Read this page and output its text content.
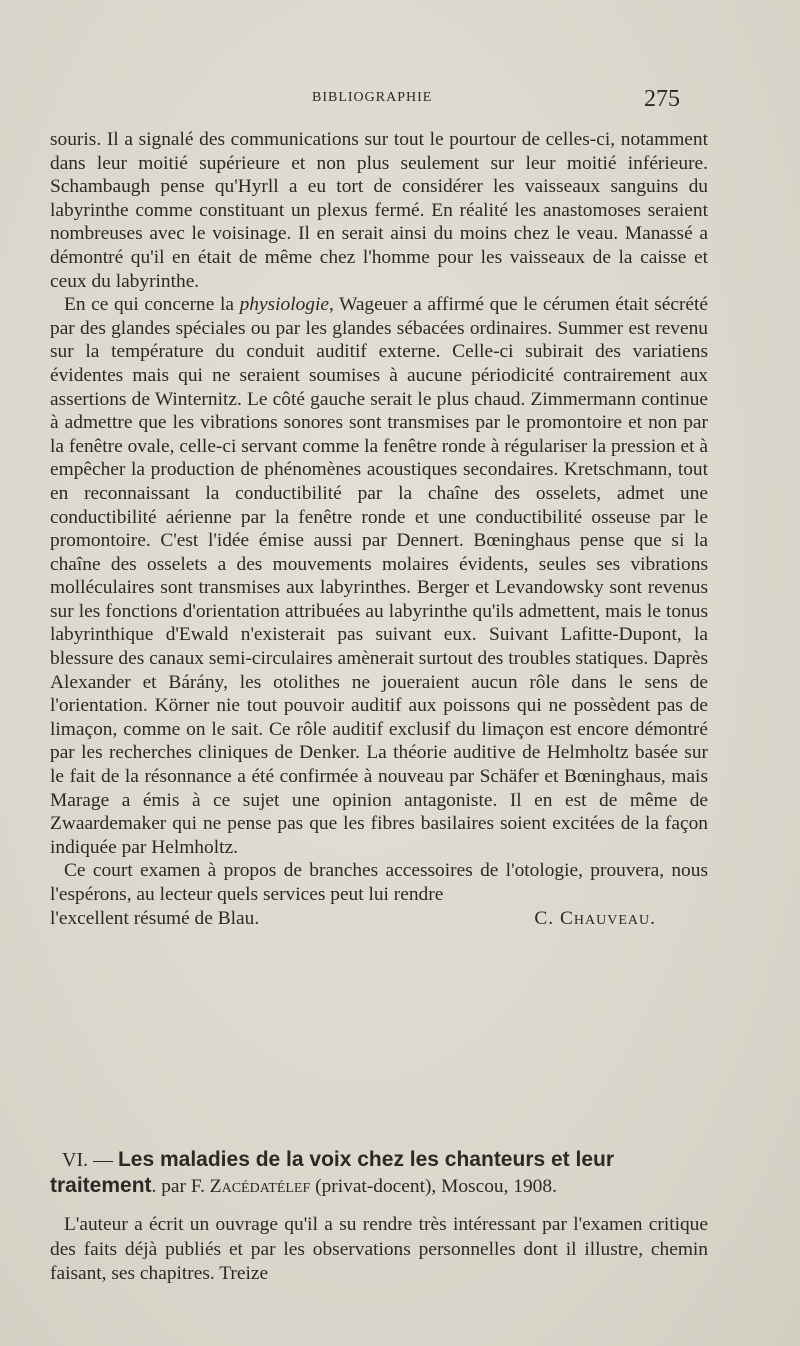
BIBLIOGRAPHIE	275

souris. Il a signalé des communications sur tout le pourtour de celles-ci, notamment dans leur moitié supérieure et non plus seulement sur leur moitié inférieure. Schambaugh pense qu'Hyrll a eu tort de considérer les vaisseaux sanguins du labyrinthe comme constituant un plexus fermé. En réalité les anastomoses seraient nombreuses avec le voisinage. Il en serait ainsi du moins chez le veau. Manassé a démontré qu'il en était de même chez l'homme pour les vaisseaux de la caisse et ceux du labyrinthe.

En ce qui concerne la physiologie, Wageuer a affirmé que le cérumen était sécrété par des glandes spéciales ou par les glandes sébacées ordinaires. Summer est revenu sur la température du conduit auditif externe. Celle-ci subirait des variatiens évidentes mais qui ne seraient soumises à aucune périodicité contrairement aux assertions de Winternitz. Le côté gauche serait le plus chaud. Zimmermann continue à admettre que les vibrations sonores sont transmises par le promontoire et non par la fenêtre ovale, celle-ci servant comme la fenêtre ronde à régulariser la pression et à empêcher la production de phénomènes acoustiques secondaires. Kretschmann, tout en reconnaissant la conductibilité par la chaîne des osselets, admet une conductibilité aérienne par la fenêtre ronde et une conductibilité osseuse par le promontoire. C'est l'idée émise aussi par Dennert. Bœninghaus pense que si la chaîne des osselets a des mouvements molaires évidents, seules ses vibrations molléculaires sont transmises aux labyrinthes. Berger et Levandowsky sont revenus sur les fonctions d'orientation attribuées au labyrinthe qu'ils admettent, mais le tonus labyrinthique d'Ewald n'existerait pas suivant eux. Suivant Lafitte-Dupont, la blessure des canaux semi-circulaires amènerait surtout des troubles statiques. Daprès Alexander et Bárány, les otolithes ne joueraient aucun rôle dans le sens de l'orientation. Körner nie tout pouvoir auditif aux poissons qui ne possèdent pas de limaçon, comme on le sait. Ce rôle auditif exclusif du limaçon est encore démontré par les recherches cliniques de Denker. La théorie auditive de Helmholtz basée sur le fait de la résonnance a été confirmée à nouveau par Schäfer et Bœninghaus, mais Marage a émis à ce sujet une opinion antagoniste. Il en est de même de Zwaardemaker qui ne pense pas que les fibres basilaires soient excitées de la façon indiquée par Helmholtz.

Ce court examen à propos de branches accessoires de l'otologie, prouvera, nous l'espérons, au lecteur quels services peut lui rendre

l'excellent résumé de Blau.	C. Chauveau.

VI. — Les maladies de la voix chez les chanteurs et leur traitement. par F. Zacédatélef (privat-docent), Moscou, 1908.

L'auteur a écrit un ouvrage qu'il a su rendre très intéressant par l'examen critique des faits déjà publiés et par les observations personnelles dont il illustre, chemin faisant, ses chapitres. Treize
